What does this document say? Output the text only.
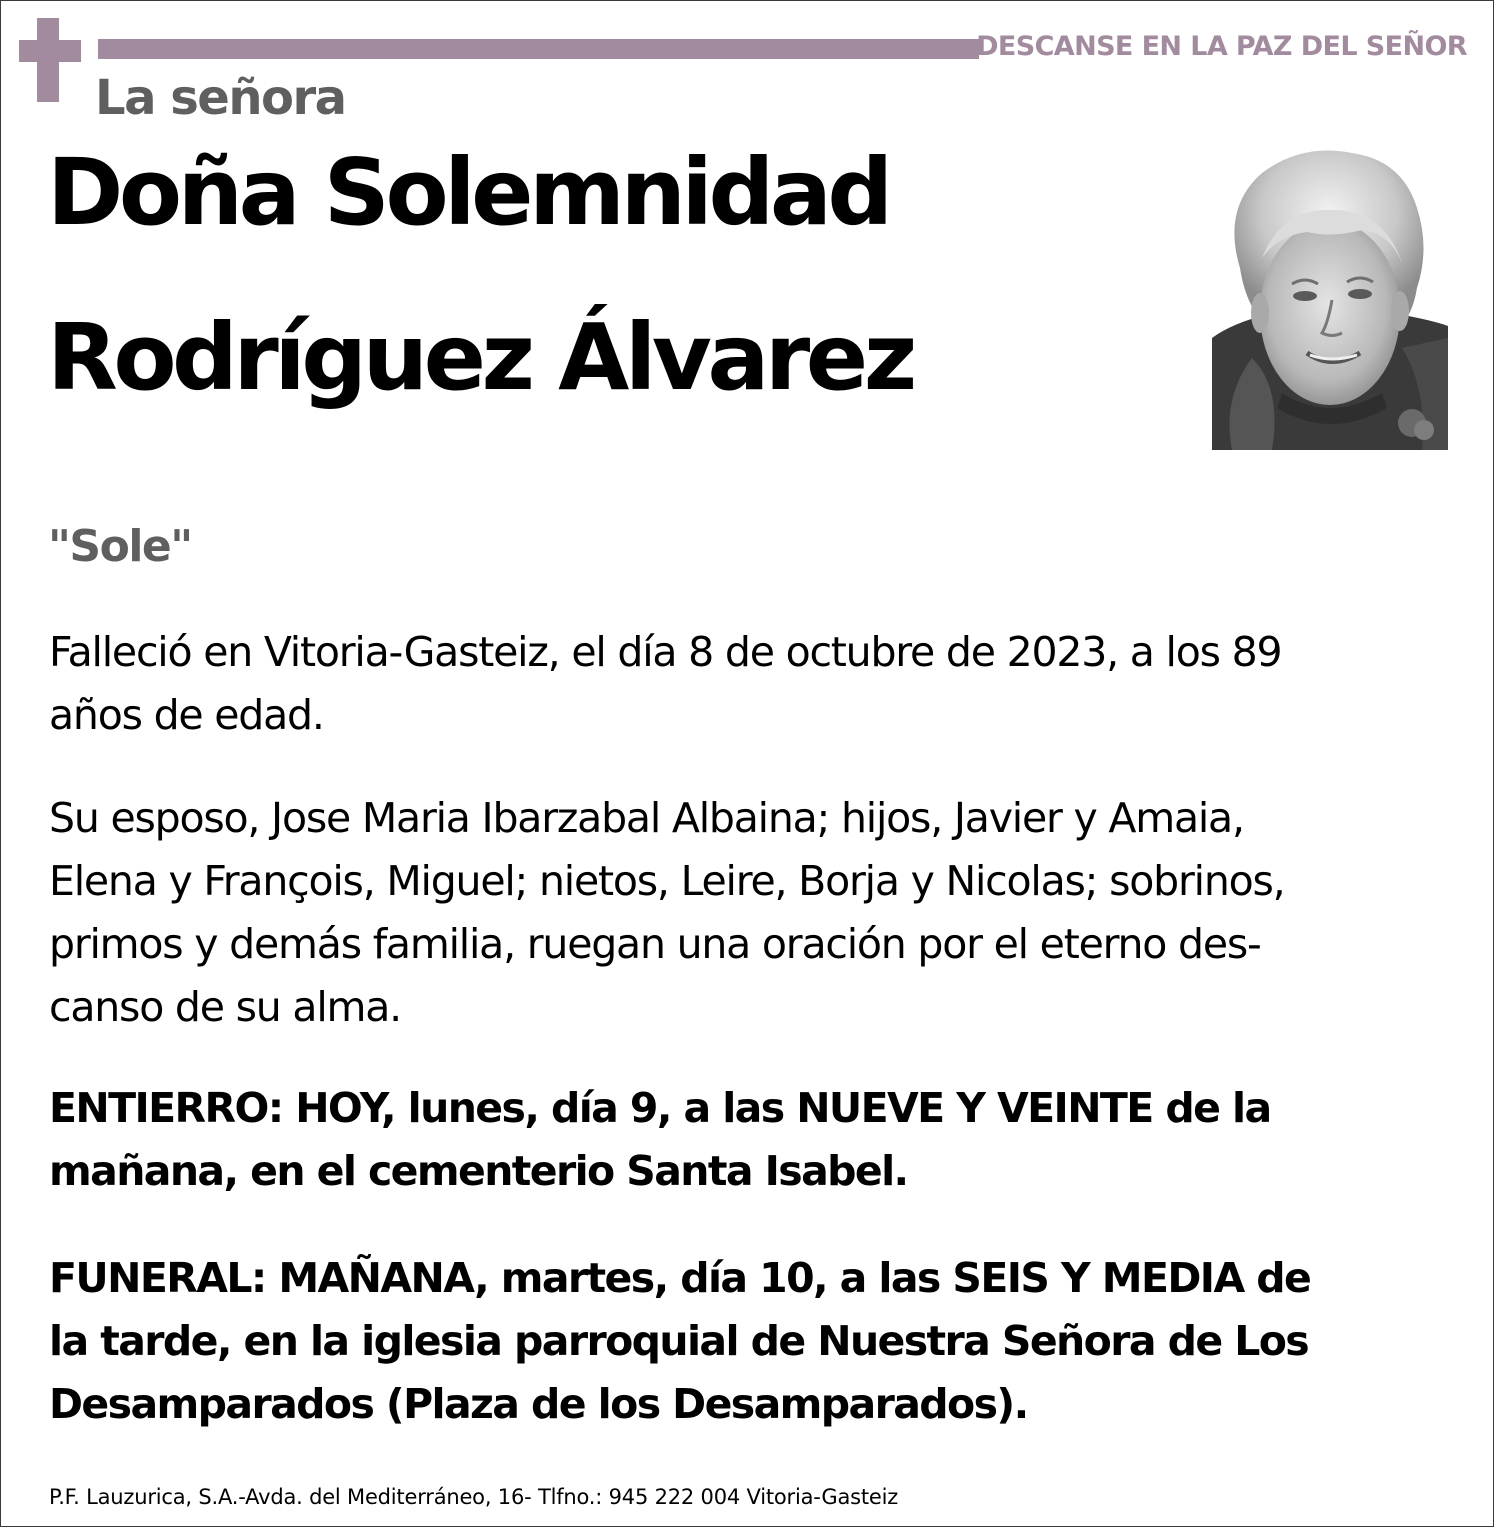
DESCANSE EN LA PAZ DEL SEÑOR
La señora
Doña Solemnidad
Rodríguez Álvarez
"Sole"
Falleció en Vitoria-Gasteiz, el día 8 de octubre de 2023, a los 89
años de edad.
Su esposo, Jose Maria Ibarzabal Albaina; hijos, Javier y Amaia,
Elena y François, Miguel; nietos, Leire, Borja y Nicolas; sobrinos,
primos y demás familia, ruegan una oración por el eterno des-
canso de su alma.
ENTIERRO: HOY, lunes, día 9, a las NUEVE Y VEINTE de la
mañana, en el cementerio Santa Isabel.
FUNERAL: MAÑANA, martes, día 10, a las SEIS Y MEDIA de
la tarde, en la iglesia parroquial de Nuestra Señora de Los
Desamparados (Plaza de los Desamparados).
P.F. Lauzurica, S.A.-Avda. del Mediterráneo, 16- Tlfno.: 945 222 004 Vitoria-Gasteiz
